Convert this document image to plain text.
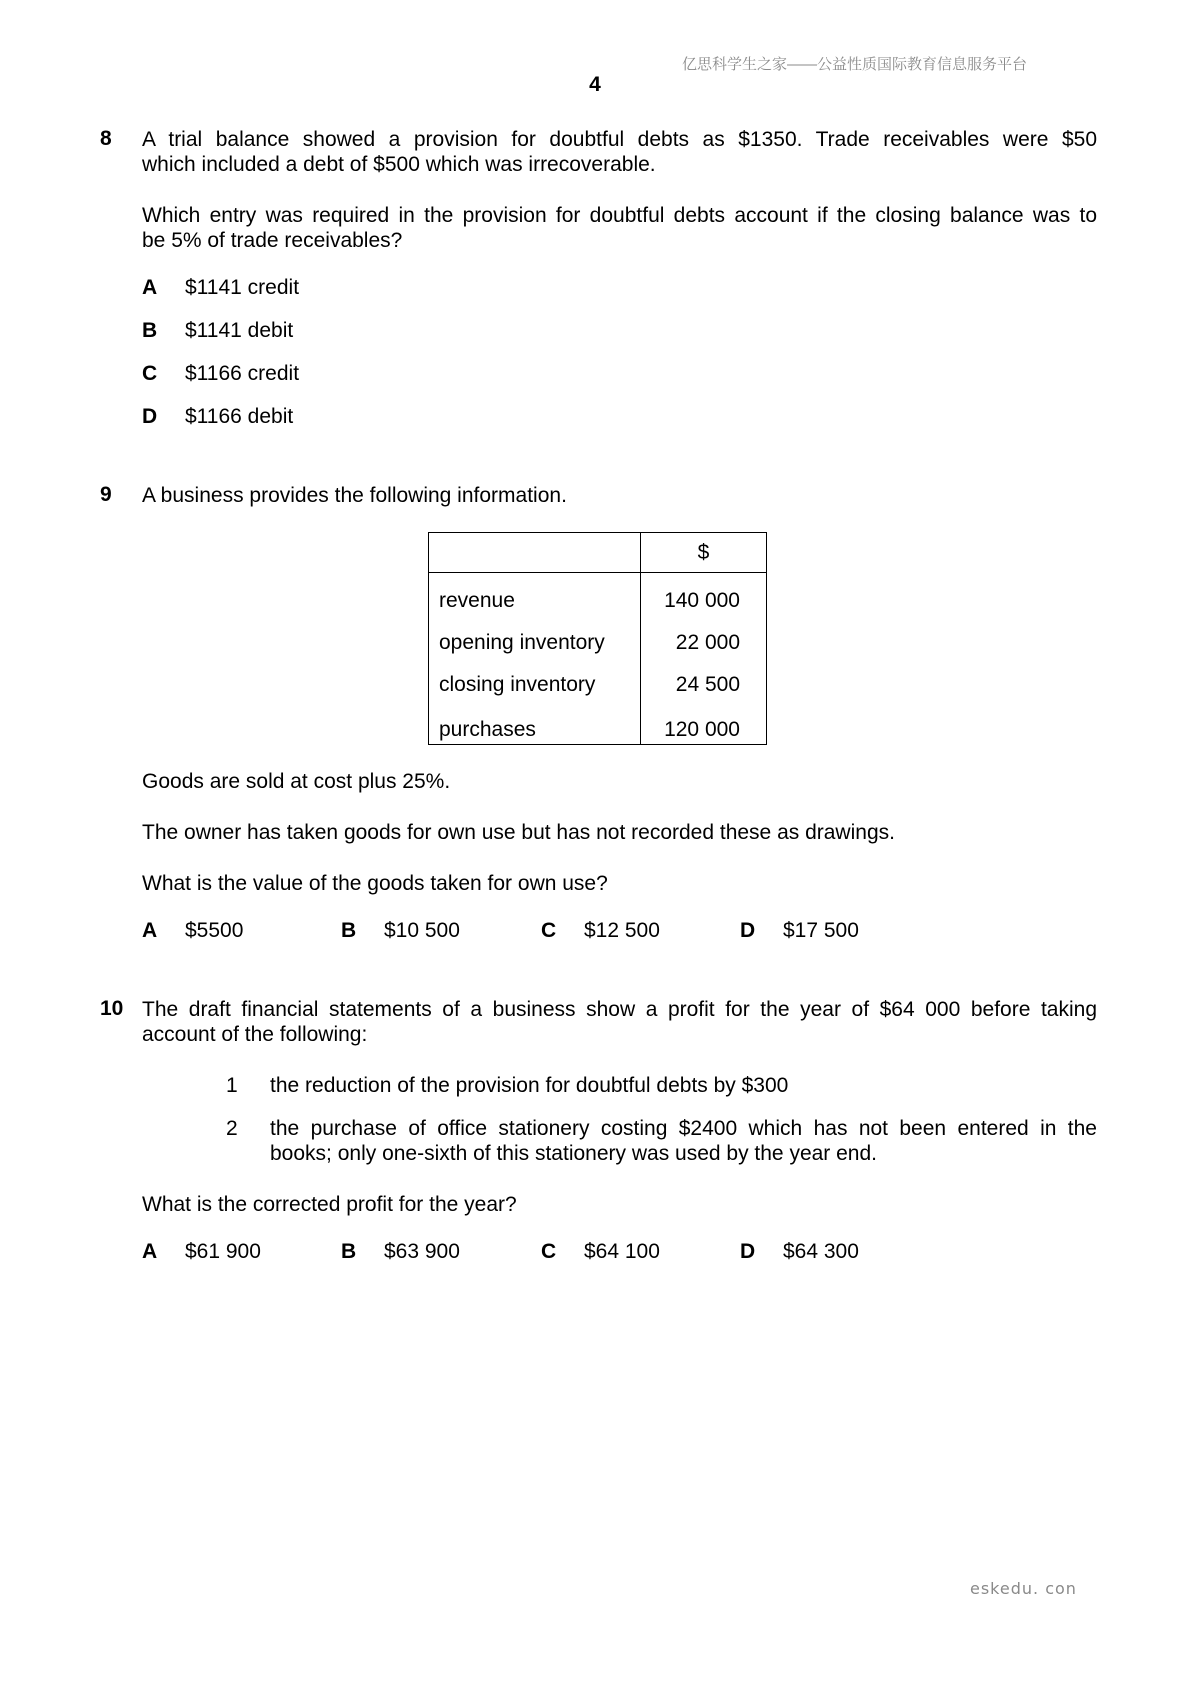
亿思科学生之家——公益性质国际教育信息服务平台
4
8 A trial balance showed a provision for doubtful debts as $1350. Trade receivables were $50
which included a debt of $500 which was irrecoverable.
Which entry was required in the provision for doubtful debts account if the closing balance was to
be 5% of trade receivables?
A $1141 credit
B $1141 debit
C $1166 credit
D $1166 debit
9 A business provides the following information.
	$
revenue	140 000
opening inventory	22 000
closing inventory	24 500
purchases	120 000
Goods are sold at cost plus 25%.
The owner has taken goods for own use but has not recorded these as drawings.
What is the value of the goods taken for own use?
A $5500	B $10 500	C $12 500	D $17 500
10 The draft financial statements of a business show a profit for the year of $64 000 before taking
account of the following:
1 the reduction of the provision for doubtful debts by $300
2 the purchase of office stationery costing $2400 which has not been entered in the
books; only one-sixth of this stationery was used by the year end.
What is the corrected profit for the year?
A $61 900	B $63 900	C $64 100	D $64 300
eskedu. con
